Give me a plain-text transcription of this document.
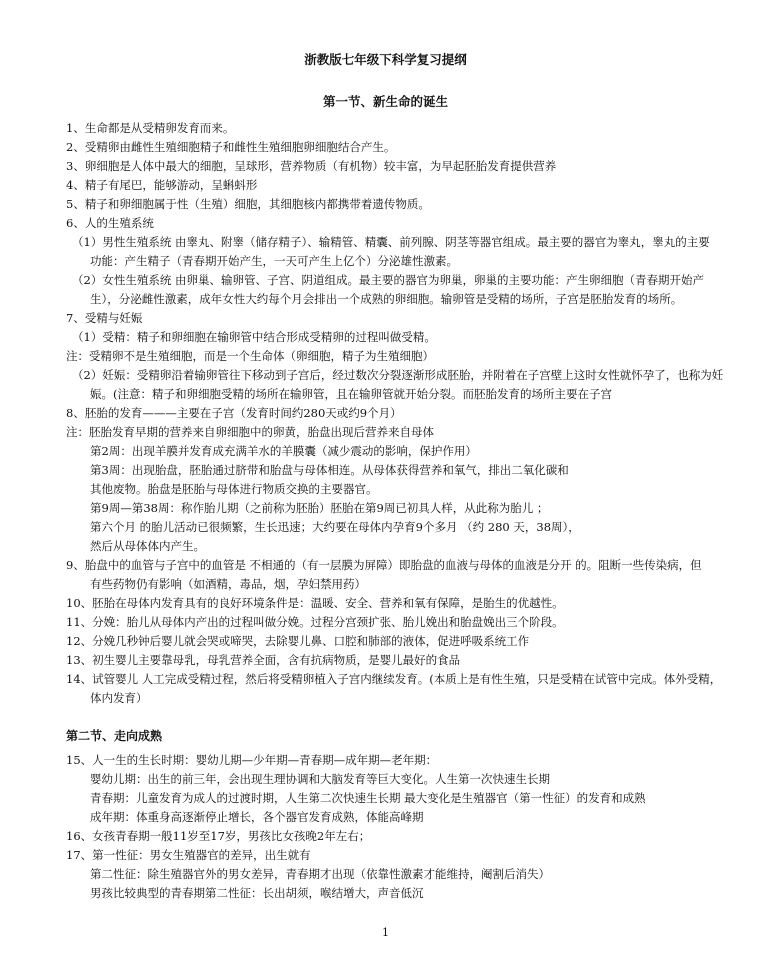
浙教版七年级下科学复习提纲
第一节、新生命的诞生
1、生命都是从受精卵发育而来。
2、受精卵由雌性生殖细胞精子和雌性生殖细胞卵细胞结合产生。
3、卵细胞是人体中最大的细胞，呈球形，营养物质（有机物）较丰富，为早起胚胎发育提供营养
4、精子有尾巴，能够游动，呈蝌蚪形
5、精子和卵细胞属于性（生殖）细胞，其细胞核内都携带着遗传物质。
6、人的生殖系统
（1）男性生殖系统 由睾丸、附睾（储存精子）、输精管、精囊、前列腺、阴茎等器官组成。最主要的器官为睾丸，睾丸的主要
功能：产生精子（青春期开始产生，一天可产生上亿个）分泌雄性激素。
（2）女性生殖系统 由卵巢、输卵管、子宫、阴道组成。最主要的器官为卵巢，卵巢的主要功能：产生卵细胞（青春期开始产
生），分泌雌性激素，成年女性大约每个月会排出一个成熟的卵细胞。输卵管是受精的场所，子宫是胚胎发育的场所。
7、受精与妊娠
（1）受精：精子和卵细胞在输卵管中结合形成受精卵的过程叫做受精。
注：受精卵不是生殖细胞，而是一个生命体（卵细胞，精子为生殖细胞）
（2）妊娠：受精卵沿着输卵管往下移动到子宫后，经过数次分裂逐渐形成胚胎，并附着在子宫壁上这时女性就怀孕了，也称为妊
娠。(注意：精子和卵细胞受精的场所在输卵管，且在输卵管就开始分裂。而胚胎发育的场所主要在子宫
8、胚胎的发育———主要在子宫（发育时间约280天或约9个月）
注：胚胎发育早期的营养来自卵细胞中的卵黄，胎盘出现后营养来自母体
第2周：出现羊膜并发育成充满羊水的羊膜囊（减少震动的影响，保护作用）
第3周：出现胎盘，胚胎通过脐带和胎盘与母体相连。从母体获得营养和氧气，排出二氧化碳和
其他废物。胎盘是胚胎与母体进行物质交换的主要器官。
第9周—第38周：称作胎儿期（之前称为胚胎）胚胎在第9周已初具人样，从此称为胎儿 ；
第六个月 的胎儿活动已很频繁，生长迅速；大约要在母体内孕育9个多月 （约 280 天，38周），
然后从母体体内产生。
9、胎盘中的血管与子宫中的血管是 不相通的（有一层膜为屏障）即胎盘的血液与母体的血液是分开 的。阻断一些传染病，但
有些药物仍有影响（如酒精，毒品，烟，孕妇禁用药）
10、胚胎在母体内发育具有的良好环境条件是：温暖、安全、营养和氧有保障，是胎生的优越性。
11、分娩：胎儿从母体内产出的过程叫做分娩。过程分宫颈扩张、胎儿娩出和胎盘娩出三个阶段。
12、分娩几秒钟后婴儿就会哭或啼哭，去除婴儿鼻、口腔和肺部的液体，促进呼吸系统工作
13、初生婴儿主要靠母乳，母乳营养全面，含有抗病物质，是婴儿最好的食品
14、试管婴儿 人工完成受精过程，然后将受精卵植入子宫内继续发育。(本质上是有性生殖，只是受精在试管中完成。体外受精，
体内发育）
第二节、走向成熟
15、人一生的生长时期：婴幼儿期—少年期—青春期—成年期—老年期：
婴幼儿期：出生的前三年，会出现生理协调和大脑发育等巨大变化。人生第一次快速生长期
青春期：儿童发育为成人的过渡时期，人生第二次快速生长期 最大变化是生殖器官（第一性征）的发育和成熟
成年期：体重身高逐渐停止增长，各个器官发育成熟，体能高峰期
16、女孩青春期一般11岁至17岁，男孩比女孩晚2年左右；
17、第一性征：男女生殖器官的差异，出生就有
第二性征：除生殖器官外的男女差异，青春期才出现（依靠性激素才能维持，阉割后消失）
男孩比较典型的青春期第二性征：长出胡须，喉结增大，声音低沉
1
